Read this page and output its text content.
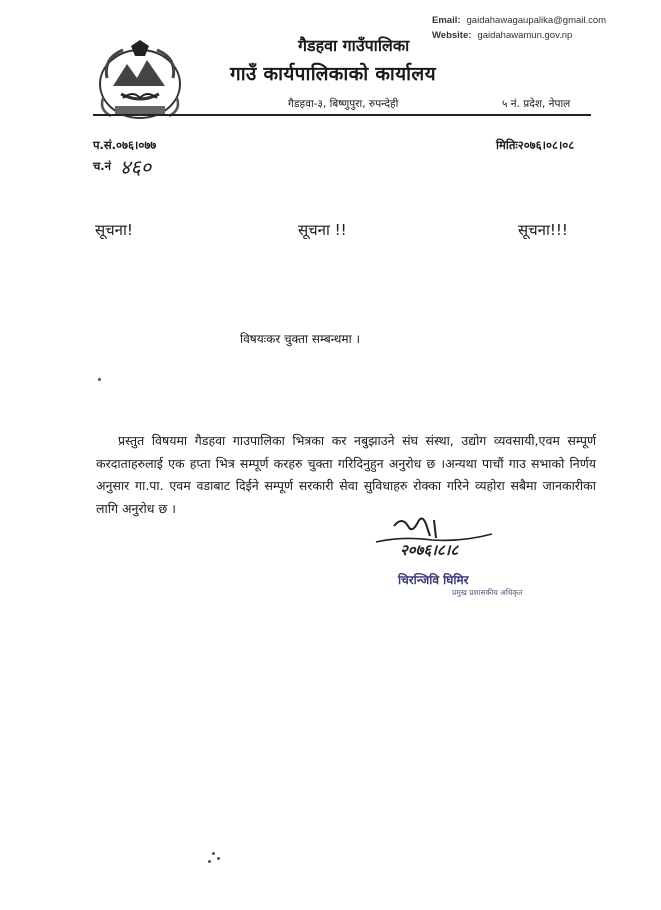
Email: gaidahawagaupalika@gmail.com
Website: gaidahawamun.gov.np
गैडहवा गाउँपालिका
गाउँ कार्यपालिकाको कार्यालय
गैडहवा-३, बिष्णुपुरा, रुपन्देही	५ नं. प्रदेश, नेपाल
प.सं.०७६।०७७
च.नं ४६०
मितिः२०७६।०८।०८
सूचना!	सूचना !!	सूचना!!!
विषयःकर चुक्ता सम्बन्धमा ।
प्रस्तुत विषयमा गैडहवा गाउपालिका भित्रका कर नबुझाउने संघ संस्था, उद्योग व्यवसायी,एवम सम्पूर्ण करदाताहरुलाई एक हप्ता भित्र सम्पूर्ण करहरु चुक्ता गरिदिनुहुन अनुरोध छ ।अन्यथा पाचौं गाउ सभाको निर्णय अनुसार गा.पा. एवम वडाबाट दिईने सम्पूर्ण सरकारी सेवा सुविधाहरु रोक्का गरिने व्यहोरा सबैमा जानकारीका लागि अनुरोध छ ।
२०७६।८।८
चिरन्जिवि घिमिर
प्रमुख प्रशासकीय अधिकृत
